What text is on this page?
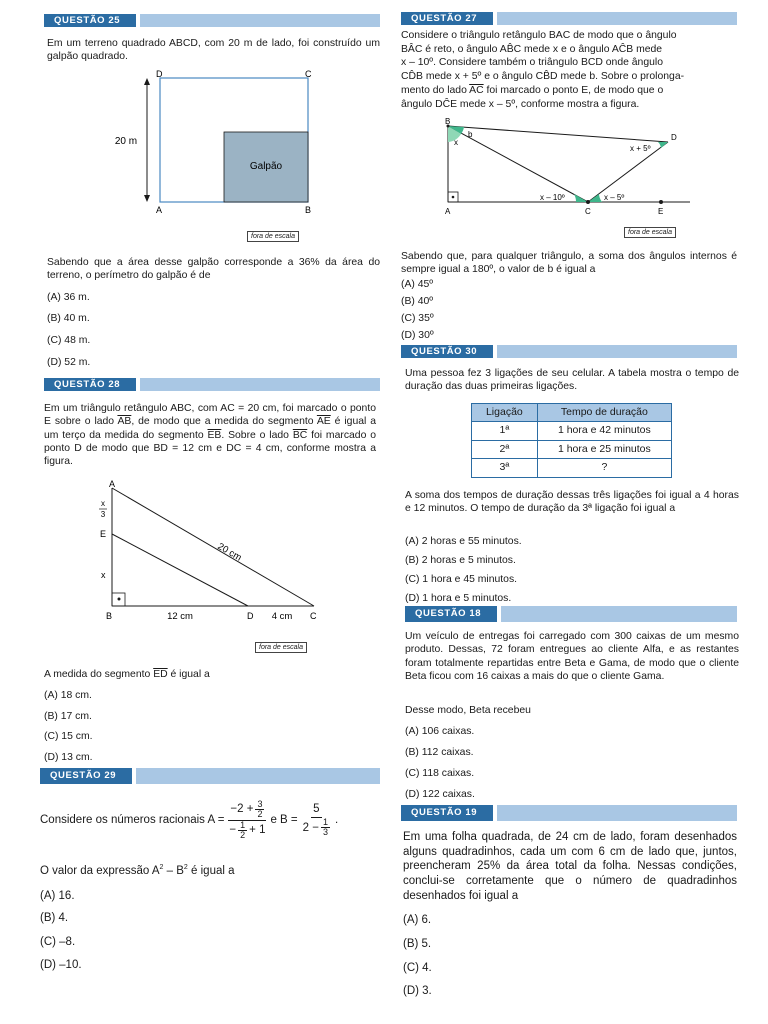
QUESTÃO 25
Em um terreno quadrado ABCD, com 20 m de lado, foi construído um galpão quadrado.
Galpão
20 m
D	C
A	B
fora de escala
Sabendo que a área desse galpão corresponde a 36% da área do terreno, o perímetro do galpão é de
(A) 36 m.
(B) 40 m.
(C) 48 m.
(D) 52 m.
QUESTÃO 28
Em um triângulo retângulo ABC, com AC = 20 cm, foi marcado o ponto E sobre o lado $\overline{AB}$, de modo que a medida do segmento $\overline{AE}$ é igual a um terço da medida do segmento $\overline{EB}$. Sobre o lado $\overline{BC}$ foi marcado o ponto D de modo que BD = 12 cm e DC = 4 cm, conforme mostra a figura.
A
E
B	D	C
x
3
x
20 cm
12 cm	4 cm
fora de escala
A medida do segmento $\overline{ED}$ é igual a
(A) 18 cm.
(B) 17 cm.
(C) 15 cm.
(D) 13 cm.
QUESTÃO 29
Considere os números racionais $A = \frac{-2 + \frac{3}{2}}{- \frac{1}{2} + 1}$ e $B = \frac{5}{2 - \frac{1}{3}}$ .
O valor da expressão $A^2 - B^2$ é igual a
(A) 16.
(B) 4.
(C) –8.
(D) –10.
QUESTÃO 27
Considere o triângulo retângulo BAC de modo que o ângulo
BÂC é reto, o ângulo AB̂C mede x e o ângulo AĈB mede
x – 10º. Considere também o triângulo BCD onde ângulo
CD̂B mede x + 5º e o ângulo CB̂D mede b. Sobre o prolonga-
mento do lado $\overline{AC}$ foi marcado o ponto E, de modo que o
ângulo DĈE mede x – 5º, conforme mostra a figura.
B
A	C	E
D
b
x
x + 5º
x – 10º	x – 5º
fora de escala
Sabendo que, para qualquer triângulo, a soma dos ângulos internos é sempre igual a 180º, o valor de b é igual a
(A) 45º
(B) 40º
(C) 35º
(D) 30º
QUESTÃO 30
Uma pessoa fez 3 ligações de seu celular. A tabela mostra o tempo de duração das duas primeiras ligações.
Ligação	Tempo de duração
1ª	1 hora e 42 minutos
2ª	1 hora e 25 minutos
3ª	?
A soma dos tempos de duração dessas três ligações foi igual a 4 horas e 12 minutos. O tempo de duração da 3ª ligação foi igual a
(A) 2 horas e 55 minutos.
(B) 2 horas e 5 minutos.
(C) 1 hora e 45 minutos.
(D) 1 hora e 5 minutos.
QUESTÃO 18
Um veículo de entregas foi carregado com 300 caixas de um mesmo produto. Dessas, 72 foram entregues ao cliente Alfa, e as restantes foram totalmente repartidas entre Beta e Gama, de modo que o cliente Beta ficou com 16 caixas a mais do que o cliente Gama.
Desse modo, Beta recebeu
(A) 106 caixas.
(B) 112 caixas.
(C) 118 caixas.
(D) 122 caixas.
QUESTÃO 19
Em uma folha quadrada, de 24 cm de lado, foram desenhados alguns quadradinhos, cada um com 6 cm de lado que, juntos, preencheram 25% da área total da folha. Nessas condições, conclui-se corretamente que o número de quadradinhos desenhados foi igual a
(A) 6.
(B) 5.
(C) 4.
(D) 3.
